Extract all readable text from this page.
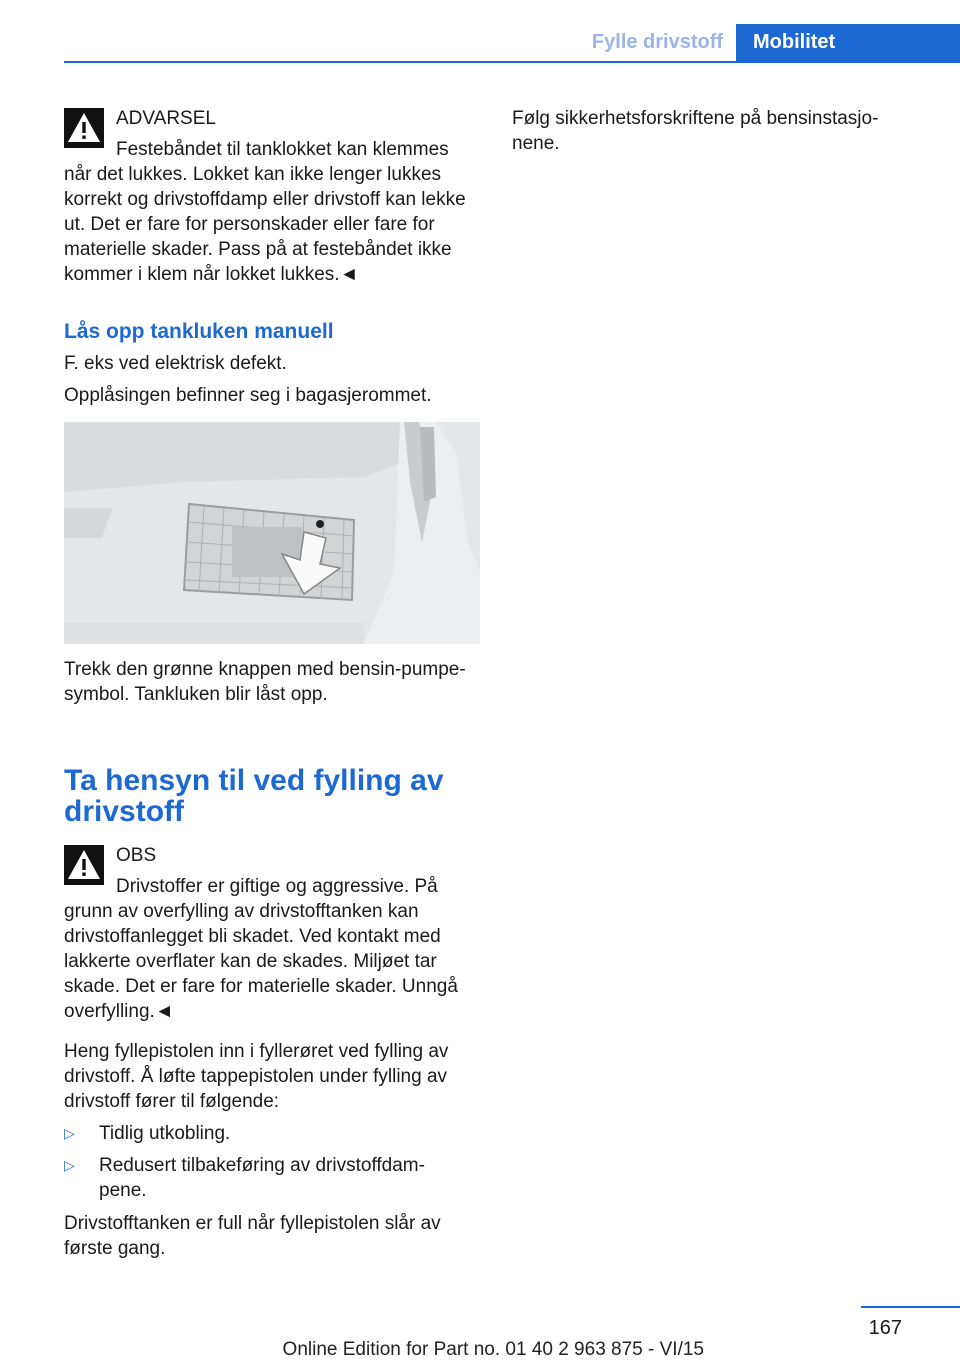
Fylle drivstoff	Mobilitet
ADVARSEL
Festebåndet til tanklokket kan klemmes
når det lukkes. Lokket kan ikke lenger lukkes korrekt og drivstoffdamp eller drivstoff kan lekke ut. Det er fare for personskader eller fare for materielle skader. Pass på at festebåndet ikke kommer i klem når lokket lukkes.◄
Lås opp tankluken manuell
F. eks ved elektrisk defekt.
Opplåsingen befinner seg i bagasjerommet.
Trekk den grønne knappen med bensin-pumpe-symbol. Tankluken blir låst opp.
Ta hensyn til ved fylling av drivstoff
OBS
Drivstoffer er giftige og aggressive. På
grunn av overfylling av drivstofftanken kan drivstoffanlegget bli skadet. Ved kontakt med lakkerte overflater kan de skades. Miljøet tar skade. Det er fare for materielle skader. Unngå overfylling.◄
Heng fyllepistolen inn i fyllerøret ved fylling av drivstoff. Å løfte tappepistolen under fylling av drivstoff fører til følgende:
▷	Tidlig utkobling.
▷	Redusert tilbakeføring av drivstoffdam-pene.
Drivstofftanken er full når fyllepistolen slår av første gang.
Følg sikkerhetsforskriftene på bensinstasjo-nene.
167
Online Edition for Part no. 01 40 2 963 875 - VI/15
